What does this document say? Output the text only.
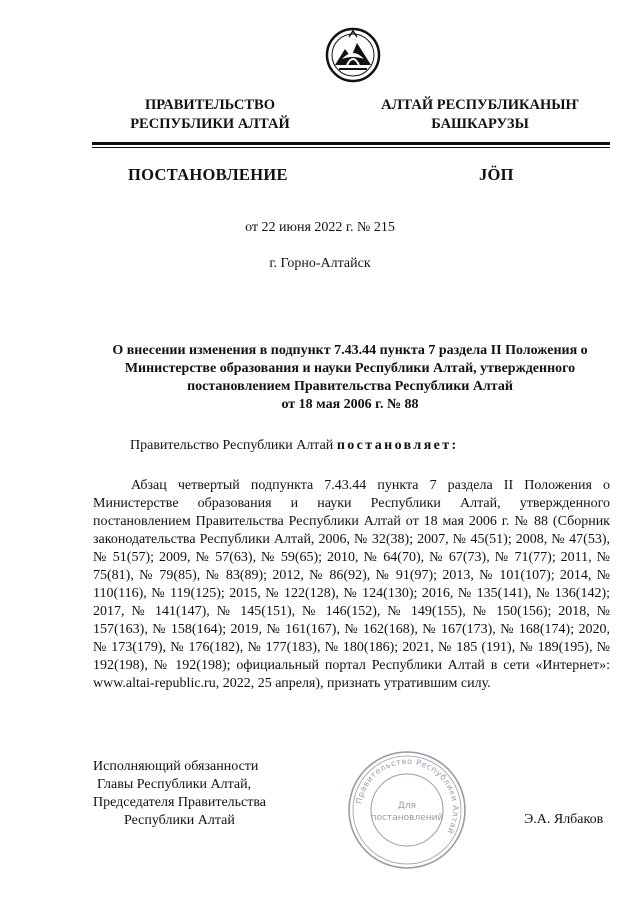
ПРАВИТЕЛЬСТВО
РЕСПУБЛИКИ АЛТАЙ
АЛТАЙ РЕСПУБЛИКАНЫҤ
БАШКАРУЗЫ
ПОСТАНОВЛЕНИЕ	JÖП
от 22 июня 2022 г. № 215
г. Горно-Алтайск
О внесении изменения в подпункт 7.43.44 пункта 7 раздела II Положения о
Министерстве образования и науки Республики Алтай, утвержденного
постановлением Правительства Республики Алтай
от 18 мая 2006 г. № 88
Правительство Республики Алтай постановляет:
Абзац четвертый подпункта 7.43.44 пункта 7 раздела II Положения о Министерстве образования и науки Республики Алтай, утвержденного постановлением Правительства Республики Алтай от 18 мая 2006 г. № 88 (Сборник законодательства Республики Алтай, 2006, № 32(38); 2007, № 45(51); 2008, № 47(53), № 51(57); 2009, № 57(63), № 59(65); 2010, № 64(70), № 67(73), № 71(77); 2011, № 75(81), № 79(85), № 83(89); 2012, № 86(92), № 91(97); 2013, № 101(107); 2014, № 110(116), № 119(125); 2015, № 122(128), № 124(130); 2016, № 135(141), № 136(142); 2017, № 141(147), № 145(151), № 146(152), № 149(155), № 150(156); 2018, № 157(163), № 158(164); 2019, № 161(167), № 162(168), № 167(173), № 168(174); 2020, № 173(179), № 176(182), № 177(183), № 180(186); 2021, № 185 (191), № 189(195), № 192(198), № 192(198); официальный портал Республики Алтай в сети «Интернет»: www.altai-republic.ru, 2022, 25 апреля), признать утратившим силу.
Исполняющий обязанности
Главы Республики Алтай,
Председателя Правительства
Республики Алтай	Э.А. Ялбаков
Правительство Республики Алтай
Для
постановлений
